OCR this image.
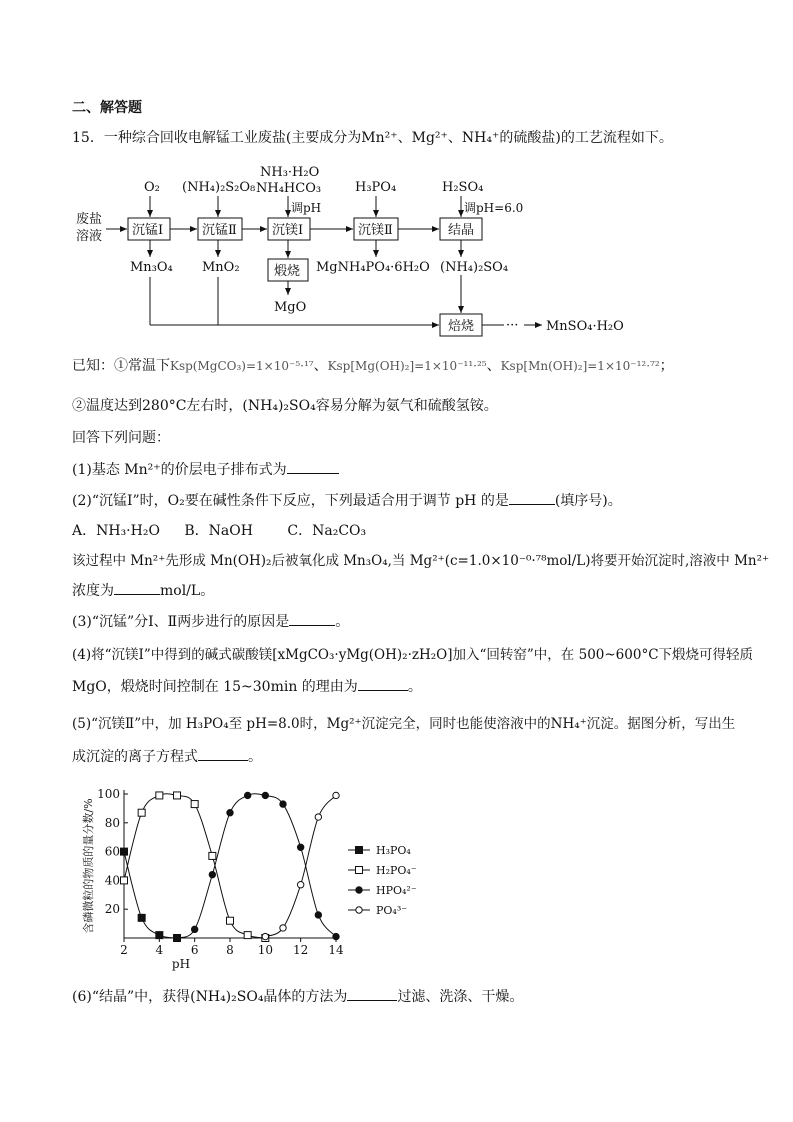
二、解答题
15．一种综合回收电解锰工业废盐(主要成分为Mn²⁺、Mg²⁺、NH₄⁺的硫酸盐)的工艺流程如下。
废盐
溶液 沉锰Ⅰ	沉锰Ⅱ	沉镁Ⅰ	沉镁Ⅱ	结晶
O₂ (NH₄)₂S₂O₈
NH₃·H₂O
NH₄HCO₃
调pH
H₃PO₄	H₂SO₄
调pH=6.0
Mn₃O₄ MnO₂	煅烧
MgO
MgNH₄PO₄·6H₂O (NH₄)₂SO₄
焙烧 ··· MnSO₄·H₂O
已知：①常温下Ksp(MgCO₃)=1×10⁻⁵·¹⁷、Ksp[Mg(OH)₂]=1×10⁻¹¹·²⁵、Ksp[Mn(OH)₂]=1×10⁻¹²·⁷²；
②温度达到280°C左右时，(NH₄)₂SO₄容易分解为氨气和硫酸氢铵。
回答下列问题：
(1)基态 Mn²⁺的价层电子排布式为
(2)“沉锰Ⅰ”时，O₂要在碱性条件下反应，下列最适合用于调节 pH 的是	(填序号)。
A．NH₃·H₂O B．NaOH C．Na₂CO₃
该过程中 Mn²⁺先形成 Mn(OH)₂后被氧化成 Mn₃O₄,当 Mg²⁺(c=1.0×10⁻⁰·⁷⁸mol/L)将要开始沉淀时,溶液中 Mn²⁺
浓度为	mol/L。
(3)“沉锰”分Ⅰ、Ⅱ两步进行的原因是	。
(4)将“沉镁Ⅰ”中得到的碱式碳酸镁[xMgCO₃·yMg(OH)₂·zH₂O]加入“回转窑”中，在 500~600°C下煅烧可得轻质
MgO，煅烧时间控制在 15~30min 的理由为	。
(5)“沉镁Ⅱ”中，加 H₃PO₄至 pH=8.0时，Mg²⁺沉淀完全，同时也能使溶液中的NH₄⁺沉淀。据图分析，写出生
成沉淀的离子方程式	。
2 4 6 8 10 12 14
20
40
60
80
100
pH
含磷微粒的物质的量分数/%	H₃PO₄
H₂PO₄⁻
HPO₄²⁻
PO₄³⁻
(6)“结晶”中，获得(NH₄)₂SO₄晶体的方法为	过滤、洗涤、干燥。
